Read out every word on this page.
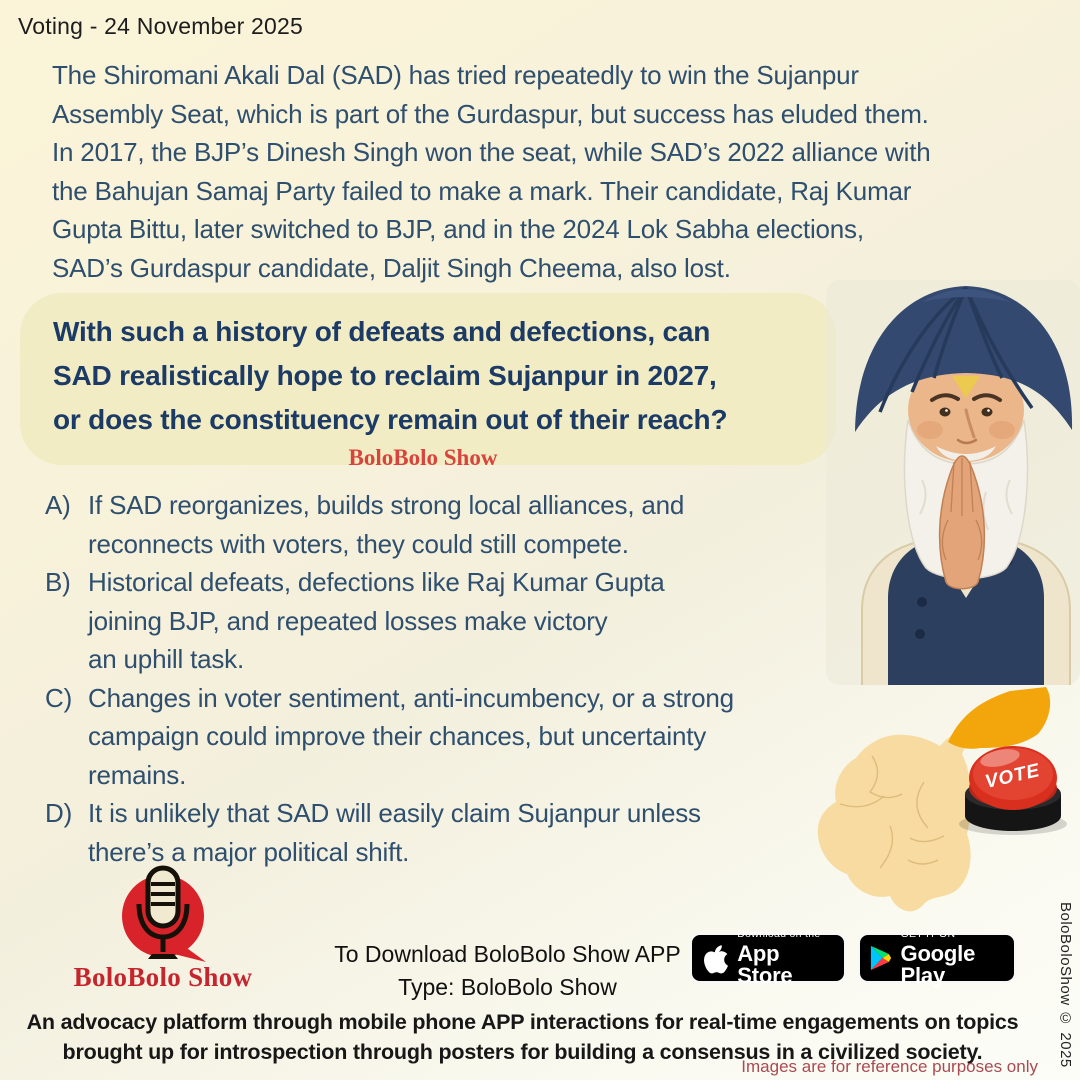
Voting - 24 November 2025
The Shiromani Akali Dal (SAD) has tried repeatedly to win the Sujanpur
Assembly Seat, which is part of the Gurdaspur, but success has eluded them.
In 2017, the BJP’s Dinesh Singh won the seat, while SAD’s 2022 alliance with
the Bahujan Samaj Party failed to make a mark. Their candidate, Raj Kumar
Gupta Bittu, later switched to BJP, and in the 2024 Lok Sabha elections,
SAD’s Gurdaspur candidate, Daljit Singh Cheema, also lost.
With such a history of defeats and defections, can
SAD realistically hope to reclaim Sujanpur in 2027,
or does the constituency remain out of their reach?
BoloBolo Show
A) If SAD reorganizes, builds strong local alliances, and
reconnects with voters, they could still compete.
B) Historical defeats, defections like Raj Kumar Gupta
joining BJP, and repeated losses make victory
an uphill task.
C) Changes in voter sentiment, anti-incumbency, or a strong
campaign could improve their chances, but uncertainty
remains.
D) It is unlikely that SAD will easily claim Sujanpur unless
there’s a major political shift.
VOTE
BoloBolo Show
To Download BoloBolo Show APP
Type: BoloBolo Show
Download on the
App Store
GET IT ON
Google Play
An advocacy platform through mobile phone APP interactions for real-time engagements on topics
brought up for introspection through posters for building a consensus in a civilized society.
Images are for reference purposes only BoloBoloShow © 2025
